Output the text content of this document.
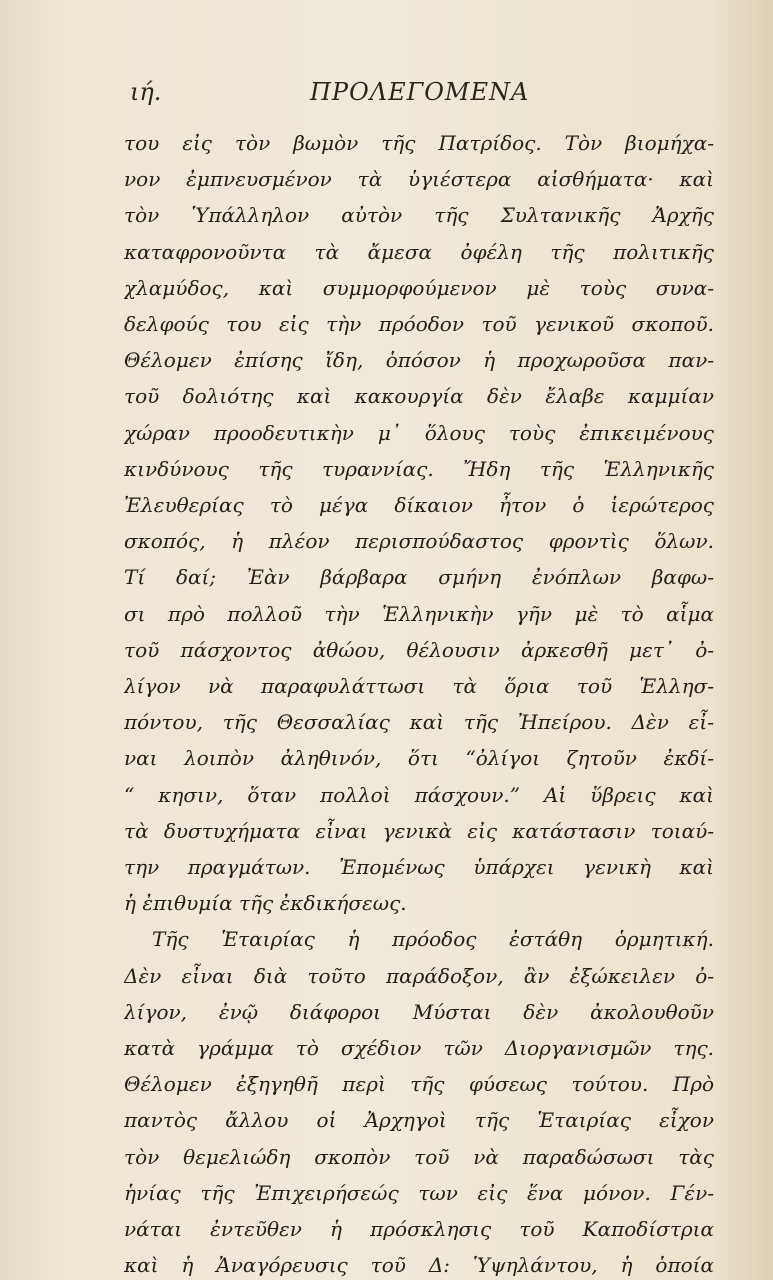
ιή.	ΠΡΟΛΕΓΟΜΕΝΑ
του εἰς τὸν βωμὸν τῆς Πατρίδος. Τὸν βιομήχα-
νον ἐμπνευσμένον τὰ ὑγιέστερα αἰσθήματα· καὶ
τὸν Ὑπάλληλον αὐτὸν τῆς Συλτανικῆς Ἀρχῆς
καταφρονοῦντα τὰ ἄμεσα ὀφέλη τῆς πολιτικῆς
χλαμύδος, καὶ συμμορφούμενον μὲ τοὺς συνα-
δελφούς του εἰς τὴν πρόοδον τοῦ γενικοῦ σκοποῦ.
Θέλομεν ἐπίσης ἴδη, ὁπόσον ἡ προχωροῦσα παν-
τοῦ δολιότης καὶ κακουργία δὲν ἔλαβε καμμίαν
χώραν προοδευτικὴν μ᾽ ὅλους τοὺς ἐπικειμένους
κινδύνους τῆς τυραννίας. Ἤδη τῆς Ἑλληνικῆς
Ἐλευθερίας τὸ μέγα δίκαιον ἦτον ὁ ἱερώτερος
σκοπός, ἡ πλέον περισπούδαστος φροντὶς ὅλων.
Τί δαί; Ἐὰν βάρβαρα σμήνη ἐνόπλων βαφω-
σι πρὸ πολλοῦ τὴν Ἑλληνικὴν γῆν μὲ τὸ αἷμα
τοῦ πάσχοντος ἀθώου, θέλουσιν ἀρκεσθῆ μετ᾽ ὀ-
λίγον νὰ παραφυλάττωσι τὰ ὅρια τοῦ Ἑλλησ-
πόντου, τῆς Θεσσαλίας καὶ τῆς Ἠπείρου. Δὲν εἶ-
ναι λοιπὸν ἀληθινόν, ὅτι “ὀλίγοι ζητοῦν ἐκδί-
“ κησιν, ὅταν πολλοὶ πάσχουν.” Αἱ ὕβρεις καὶ
τὰ δυστυχήματα εἶναι γενικὰ εἰς κατάστασιν τοιαύ-
την πραγμάτων. Ἐπομένως ὑπάρχει γενικὴ καὶ
ἡ ἐπιθυμία τῆς ἐκδικήσεως.
Τῆς Ἑταιρίας ἡ πρόοδος ἐστάθη ὁρμητική.
Δὲν εἶναι διὰ τοῦτο παράδοξον, ἂν ἐξώκειλεν ὀ-
λίγον, ἐνῷ διάφοροι Μύσται δὲν ἀκολουθοῦν
κατὰ γράμμα τὸ σχέδιον τῶν Διοργανισμῶν της.
Θέλομεν ἐξηγηθῆ περὶ τῆς φύσεως τούτου. Πρὸ
παντὸς ἄλλου οἱ Ἀρχηγοὶ τῆς Ἑταιρίας εἶχον
τὸν θεμελιώδη σκοπὸν τοῦ νὰ παραδώσωσι τὰς
ἡνίας τῆς Ἐπιχειρήσεώς των εἰς ἕνα μόνον. Γέν-
νάται ἐντεῦθεν ἡ πρόσκλησις τοῦ Καποδίστρια
καὶ ἡ Ἀναγόρευσις τοῦ Δ: Ὑψηλάντου, ἡ ὁποία
